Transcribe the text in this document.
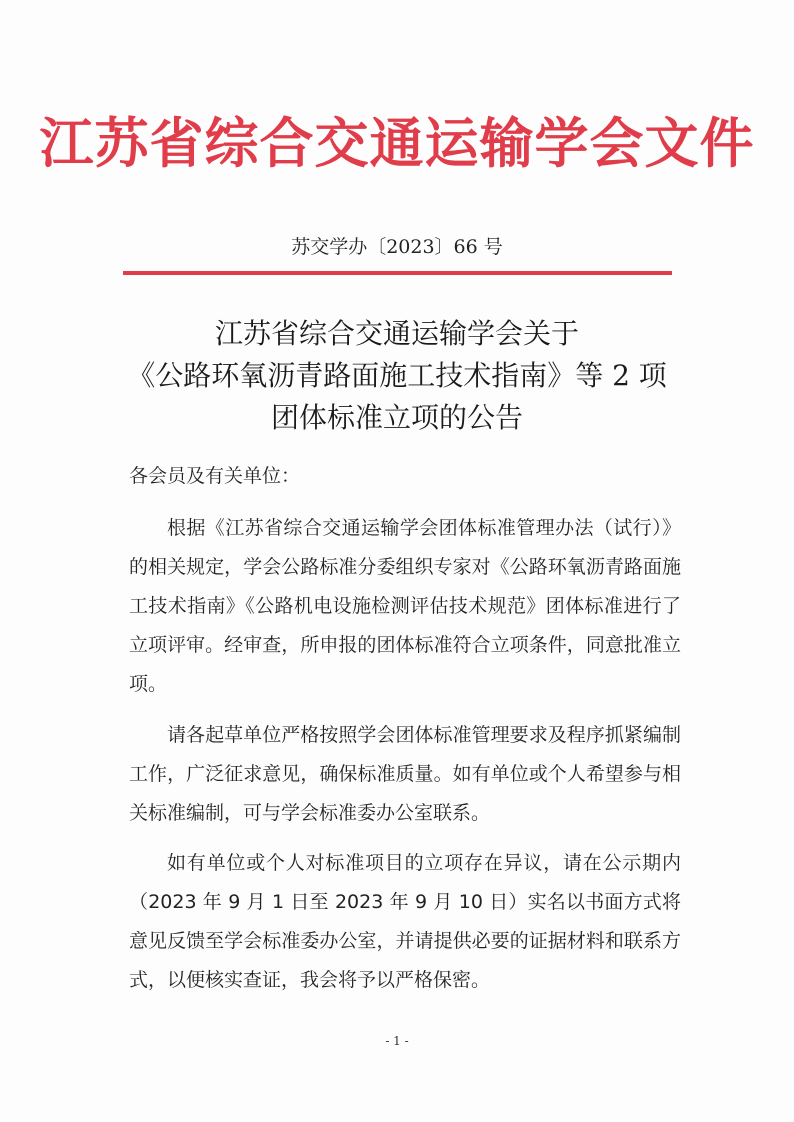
江苏省综合交通运输学会文件
苏交学办〔2023〕66 号
江苏省综合交通运输学会关于
《公路环氧沥青路面施工技术指南》等 2 项
团体标准立项的公告
各会员及有关单位：

根据《江苏省综合交通运输学会团体标准管理办法（试行）》的相关规定，学会公路标准分委组织专家对《公路环氧沥青路面施工技术指南》《公路机电设施检测评估技术规范》团体标准进行了立项评审。经审查，所申报的团体标准符合立项条件，同意批准立项。

请各起草单位严格按照学会团体标准管理要求及程序抓紧编制工作，广泛征求意见，确保标准质量。如有单位或个人希望参与相关标准编制，可与学会标准委办公室联系。

如有单位或个人对标准项目的立项存在异议，请在公示期内（2023 年 9 月 1 日至 2023 年 9 月 10 日）实名以书面方式将意见反馈至学会标准委办公室，并请提供必要的证据材料和联系方式，以便核实查证，我会将予以严格保密。

- 1 -
